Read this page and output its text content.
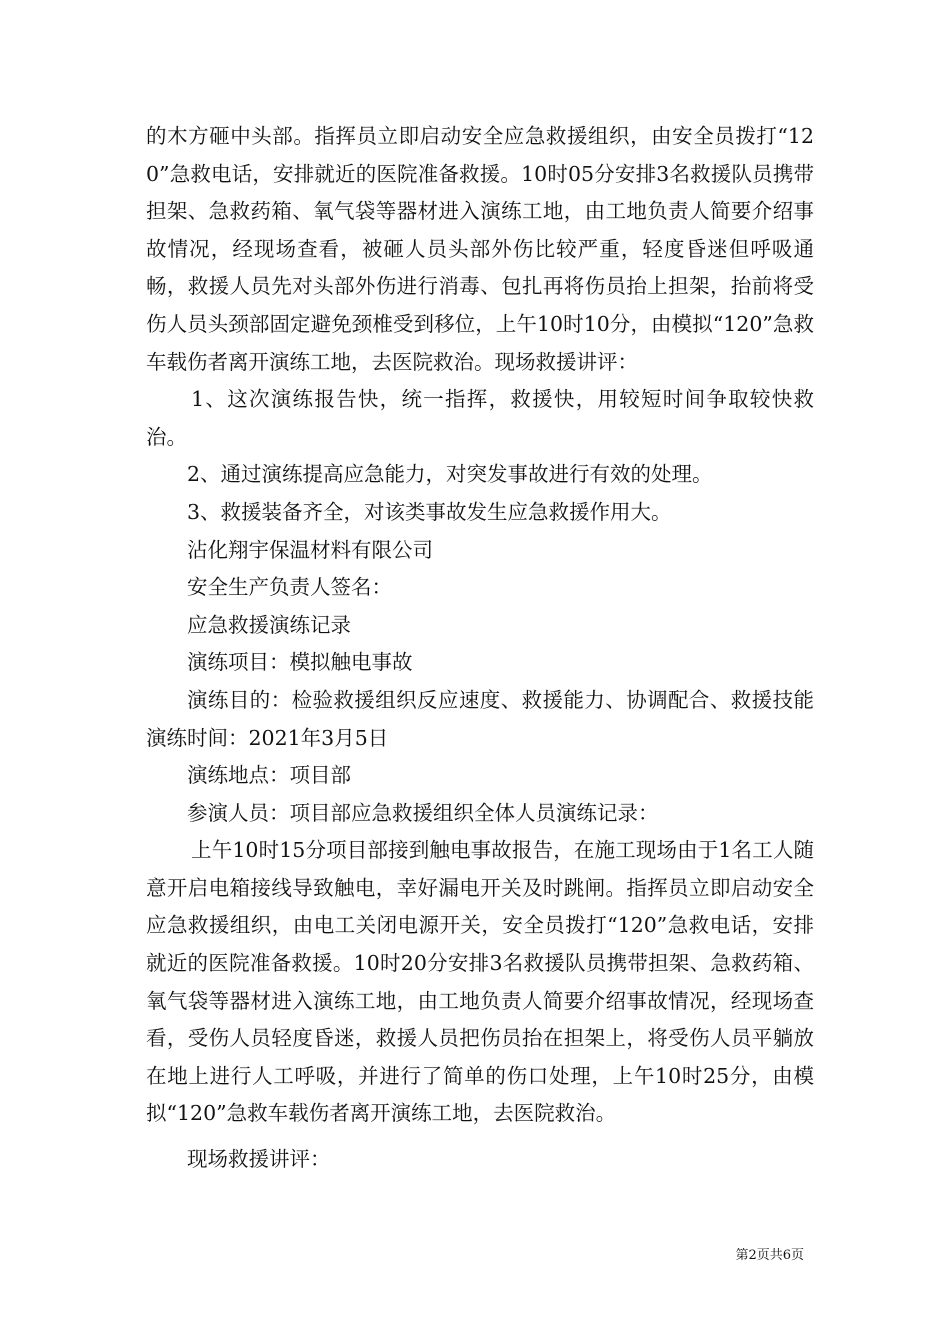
的木方砸中头部。指挥员立即启动安全应急救援组织，由安全员拨打“120”急救电话，安排就近的医院准备救援。10时05分安排3名救援队员携带担架、急救药箱、氧气袋等器材进入演练工地，由工地负责人简要介绍事故情况，经现场查看，被砸人员头部外伤比较严重，轻度昏迷但呼吸通畅，救援人员先对头部外伤进行消毒、包扎再将伤员抬上担架，抬前将受伤人员头颈部固定避免颈椎受到移位，上午10时10分，由模拟“120”急救车载伤者离开演练工地，去医院救治。现场救援讲评：

1、这次演练报告快，统一指挥，救援快，用较短时间争取较快救治。

2、通过演练提高应急能力，对突发事故进行有效的处理。

3、救援装备齐全，对该类事故发生应急救援作用大。

沾化翔宇保温材料有限公司

安全生产负责人签名：

应急救援演练记录

演练项目：模拟触电事故

演练目的：检验救援组织反应速度、救援能力、协调配合、救援技能演练时间：2021年3月5日

演练地点：项目部

参演人员：项目部应急救援组织全体人员演练记录：

上午10时15分项目部接到触电事故报告，在施工现场由于1名工人随意开启电箱接线导致触电，幸好漏电开关及时跳闸。指挥员立即启动安全应急救援组织，由电工关闭电源开关，安全员拨打“120”急救电话，安排就近的医院准备救援。10时20分安排3名救援队员携带担架、急救药箱、氧气袋等器材进入演练工地，由工地负责人简要介绍事故情况，经现场查看，受伤人员轻度昏迷，救援人员把伤员抬在担架上，将受伤人员平躺放在地上进行人工呼吸，并进行了简单的伤口处理，上午10时25分，由模拟“120”急救车载伤者离开演练工地，去医院救治。

现场救援讲评：

第2页共6页
